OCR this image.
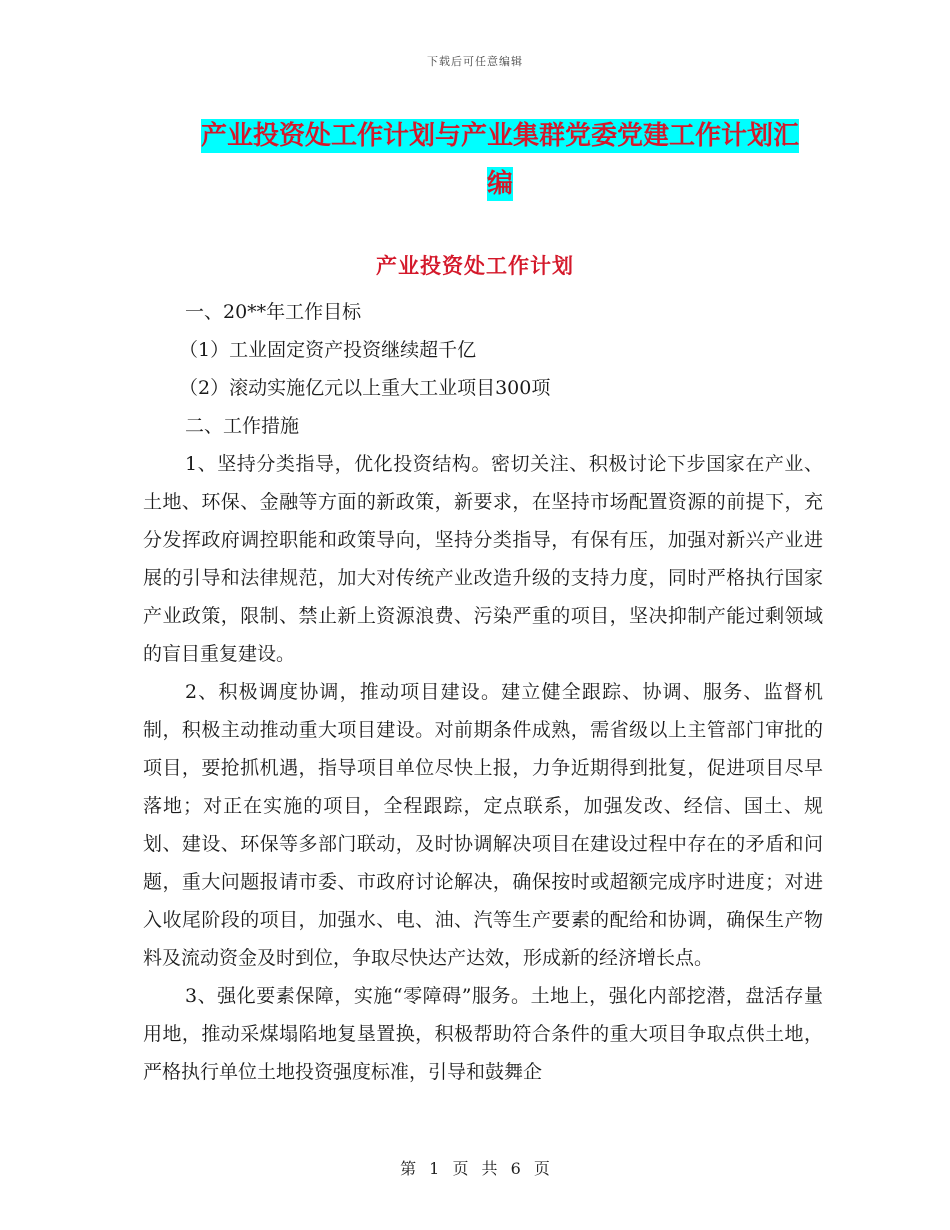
下载后可任意编辑
产业投资处工作计划与产业集群党委党建工作计划汇
编
产业投资处工作计划

一、20**年工作目标

（1）工业固定资产投资继续超千亿

（2）滚动实施亿元以上重大工业项目300项

二、工作措施

1、坚持分类指导，优化投资结构。密切关注、积极讨论下步国家在产业、土地、环保、金融等方面的新政策，新要求，在坚持市场配置资源的前提下，充分发挥政府调控职能和政策导向，坚持分类指导，有保有压，加强对新兴产业进展的引导和法律规范，加大对传统产业改造升级的支持力度，同时严格执行国家产业政策，限制、禁止新上资源浪费、污染严重的项目，坚决抑制产能过剩领域的盲目重复建设。

2、积极调度协调，推动项目建设。建立健全跟踪、协调、服务、监督机制，积极主动推动重大项目建设。对前期条件成熟，需省级以上主管部门审批的项目，要抢抓机遇，指导项目单位尽快上报，力争近期得到批复，促进项目尽早落地；对正在实施的项目，全程跟踪，定点联系，加强发改、经信、国土、规划、建设、环保等多部门联动，及时协调解决项目在建设过程中存在的矛盾和问题，重大问题报请市委、市政府讨论解决，确保按时或超额完成序时进度；对进入收尾阶段的项目，加强水、电、油、汽等生产要素的配给和协调，确保生产物料及流动资金及时到位，争取尽快达产达效，形成新的经济增长点。

3、强化要素保障，实施“零障碍”服务。土地上，强化内部挖潜，盘活存量用地，推动采煤塌陷地复垦置换，积极帮助符合条件的重大项目争取点供土地，严格执行单位土地投资强度标准，引导和鼓舞企

第 1 页 共 6 页
